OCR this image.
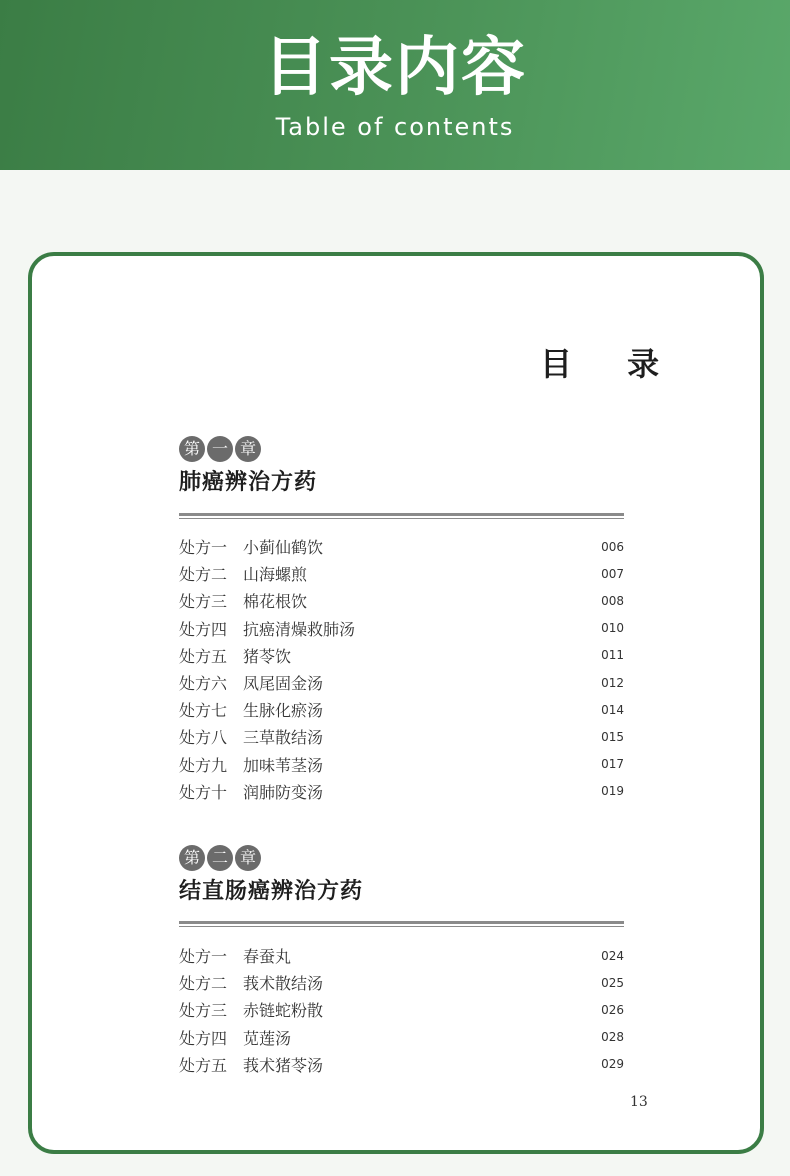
目录内容
Table of contents
目 录
第 一 章
肺癌辨治方药
处方一 小蓟仙鹤饮	006
处方二 山海螺煎	007
处方三 棉花根饮	008
处方四 抗癌清燥救肺汤	010
处方五 猪苓饮	011
处方六 凤尾固金汤	012
处方七 生脉化瘀汤	014
处方八 三草散结汤	015
处方九 加味苇茎汤	017
处方十 润肺防变汤	019
第 二 章
结直肠癌辨治方药
处方一 春蚕丸	024
处方二 莪术散结汤	025
处方三 赤链蛇粉散	026
处方四 苋莲汤	028
处方五 莪术猪苓汤	029
13
